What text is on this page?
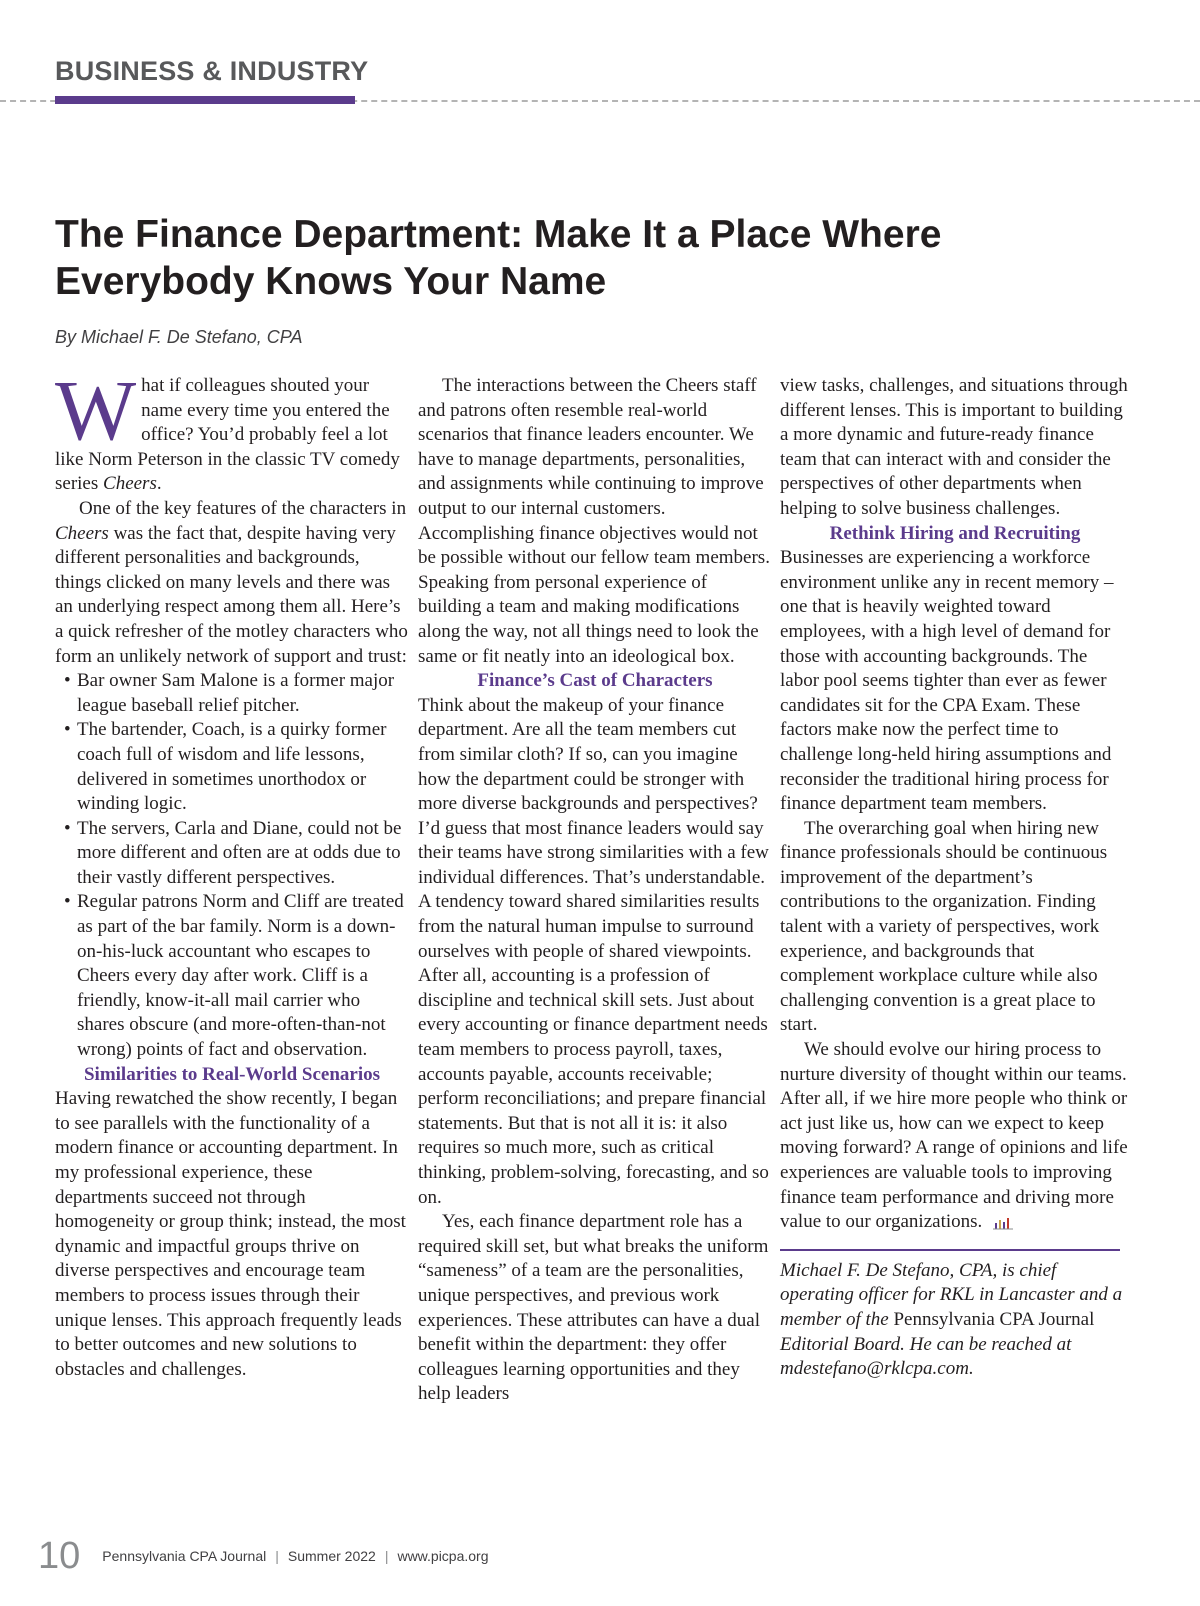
BUSINESS & INDUSTRY
The Finance Department: Make It a Place Where Everybody Knows Your Name

By Michael F. De Stefano, CPA

What if colleagues shouted your name every time you entered the office? You’d probably feel a lot like Norm Peterson in the classic TV comedy series Cheers.

One of the key features of the characters in Cheers was the fact that, despite having very different personalities and backgrounds, things clicked on many levels and there was an underlying respect among them all. Here’s a quick refresher of the motley characters who form an unlikely network of support and trust:

• Bar owner Sam Malone is a former major league baseball relief pitcher.
• The bartender, Coach, is a quirky former coach full of wisdom and life lessons, delivered in sometimes unorthodox or winding logic.
• The servers, Carla and Diane, could not be more different and often are at odds due to their vastly different perspectives.
• Regular patrons Norm and Cliff are treated as part of the bar family. Norm is a down-on-his-luck accountant who escapes to Cheers every day after work. Cliff is a friendly, know-it-all mail carrier who shares obscure (and more-often-than-not wrong) points of fact and observation.

Similarities to Real-World Scenarios

Having rewatched the show recently, I began to see parallels with the functionality of a modern finance or accounting department. In my professional experience, these departments succeed not through homogeneity or group think; instead, the most dynamic and impactful groups thrive on diverse perspectives and encourage team members to process issues through their unique lenses. This approach frequently leads to better outcomes and new solutions to obstacles and challenges.

The interactions between the Cheers staff and patrons often resemble real-world scenarios that finance leaders encounter. We have to manage departments, personalities, and assignments while continuing to improve output to our internal customers. Accomplishing finance objectives would not be possible without our fellow team members. Speaking from personal experience of building a team and making modifications along the way, not all things need to look the same or fit neatly into an ideological box.

Finance’s Cast of Characters

Think about the makeup of your finance department. Are all the team members cut from similar cloth? If so, can you imagine how the department could be stronger with more diverse backgrounds and perspectives? I’d guess that most finance leaders would say their teams have strong similarities with a few individual differences. That’s understandable. A tendency toward shared similarities results from the natural human impulse to surround ourselves with people of shared viewpoints. After all, accounting is a profession of discipline and technical skill sets. Just about every accounting or finance department needs team members to process payroll, taxes, accounts payable, accounts receivable; perform reconciliations; and prepare financial statements. But that is not all it is: it also requires so much more, such as critical thinking, problem-solving, forecasting, and so on.

Yes, each finance department role has a required skill set, but what breaks the uniform “sameness” of a team are the personalities, unique perspectives, and previous work experiences. These attributes can have a dual benefit within the department: they offer colleagues learning opportunities and they help leaders

view tasks, challenges, and situations through different lenses. This is important to building a more dynamic and future-ready finance team that can interact with and consider the perspectives of other departments when helping to solve business challenges.

Rethink Hiring and Recruiting

Businesses are experiencing a workforce environment unlike any in recent memory – one that is heavily weighted toward employees, with a high level of demand for those with accounting backgrounds. The labor pool seems tighter than ever as fewer candidates sit for the CPA Exam. These factors make now the perfect time to challenge long-held hiring assumptions and reconsider the traditional hiring process for finance department team members.

The overarching goal when hiring new finance professionals should be continuous improvement of the department’s contributions to the organization. Finding talent with a variety of perspectives, work experience, and backgrounds that complement workplace culture while also challenging convention is a great place to start.

We should evolve our hiring process to nurture diversity of thought within our teams. After all, if we hire more people who think or act just like us, how can we expect to keep moving forward? A range of opinions and life experiences are valuable tools to improving finance team performance and driving more value to our organizations.

Michael F. De Stefano, CPA, is chief operating officer for RKL in Lancaster and a member of the Pennsylvania CPA Journal Editorial Board. He can be reached at mdestefano@rklcpa.com.

10 Pennsylvania CPA Journal | Summer 2022 | www.picpa.org
